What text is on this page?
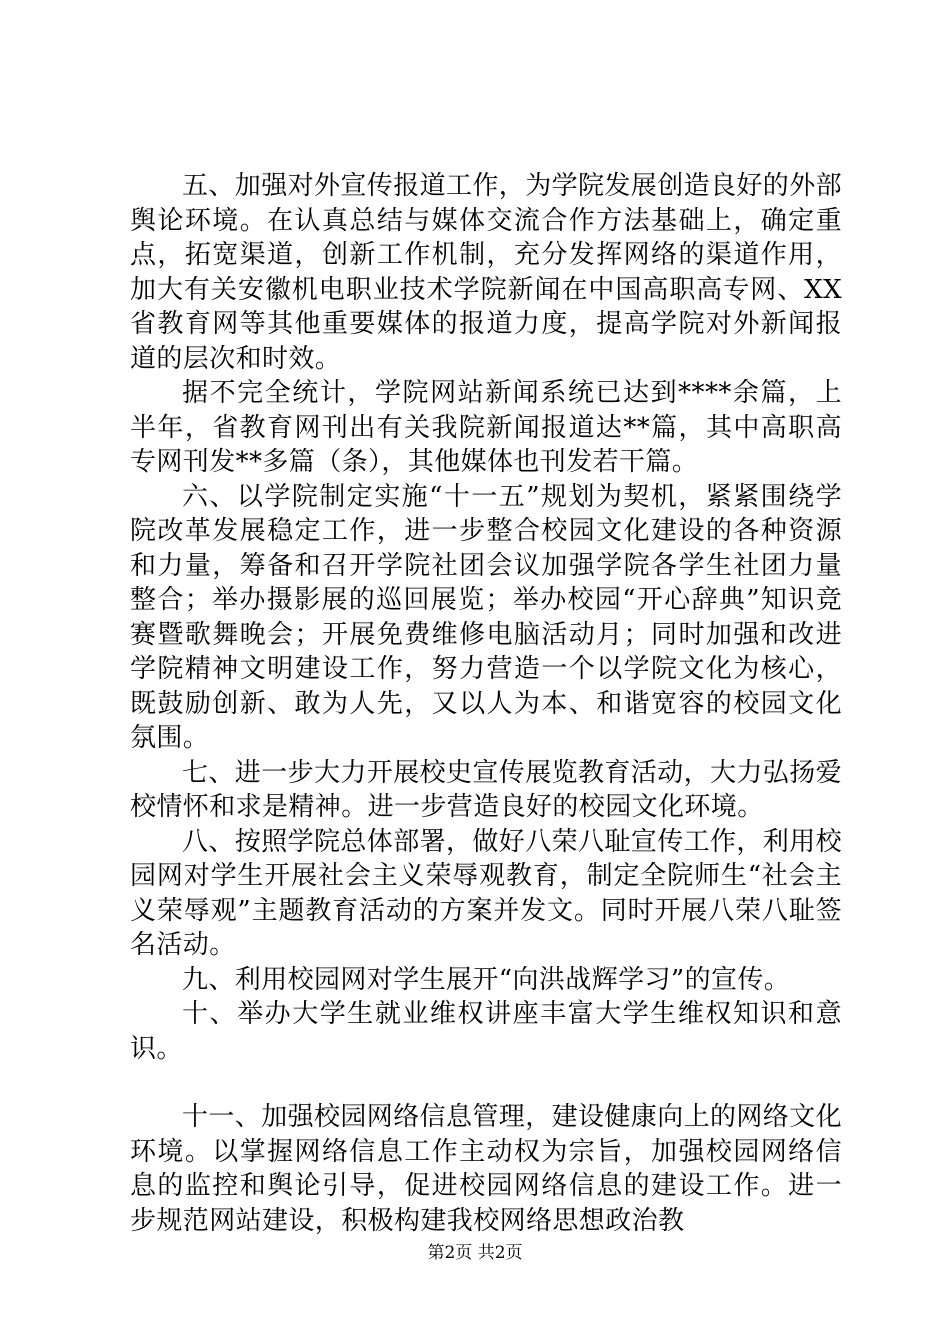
五、加强对外宣传报道工作，为学院发展创造良好的外部舆论环境。在认真总结与媒体交流合作方法基础上，确定重点，拓宽渠道，创新工作机制，充分发挥网络的渠道作用，加大有关安徽机电职业技术学院新闻在中国高职高专网、XX省教育网等其他重要媒体的报道力度，提高学院对外新闻报道的层次和时效。

据不完全统计，学院网站新闻系统已达到****余篇，上半年，省教育网刊出有关我院新闻报道达**篇，其中高职高专网刊发**多篇（条），其他媒体也刊发若干篇。

六、以学院制定实施“十一五”规划为契机，紧紧围绕学院改革发展稳定工作，进一步整合校园文化建设的各种资源和力量，筹备和召开学院社团会议加强学院各学生社团力量整合；举办摄影展的巡回展览；举办校园“开心辞典”知识竞赛暨歌舞晚会；开展免费维修电脑活动月；同时加强和改进学院精神文明建设工作，努力营造一个以学院文化为核心，既鼓励创新、敢为人先，又以人为本、和谐宽容的校园文化氛围。

七、进一步大力开展校史宣传展览教育活动，大力弘扬爱校情怀和求是精神。进一步营造良好的校园文化环境。

八、按照学院总体部署，做好八荣八耻宣传工作，利用校园网对学生开展社会主义荣辱观教育，制定全院师生“社会主义荣辱观”主题教育活动的方案并发文。同时开展八荣八耻签名活动。

九、利用校园网对学生展开“向洪战辉学习”的宣传。

十、举办大学生就业维权讲座丰富大学生维权知识和意识。

十一、加强校园网络信息管理，建设健康向上的网络文化环境。以掌握网络信息工作主动权为宗旨，加强校园网络信息的监控和舆论引导，促进校园网络信息的建设工作。进一步规范网站建设，积极构建我校网络思想政治教

第2页 共2页
